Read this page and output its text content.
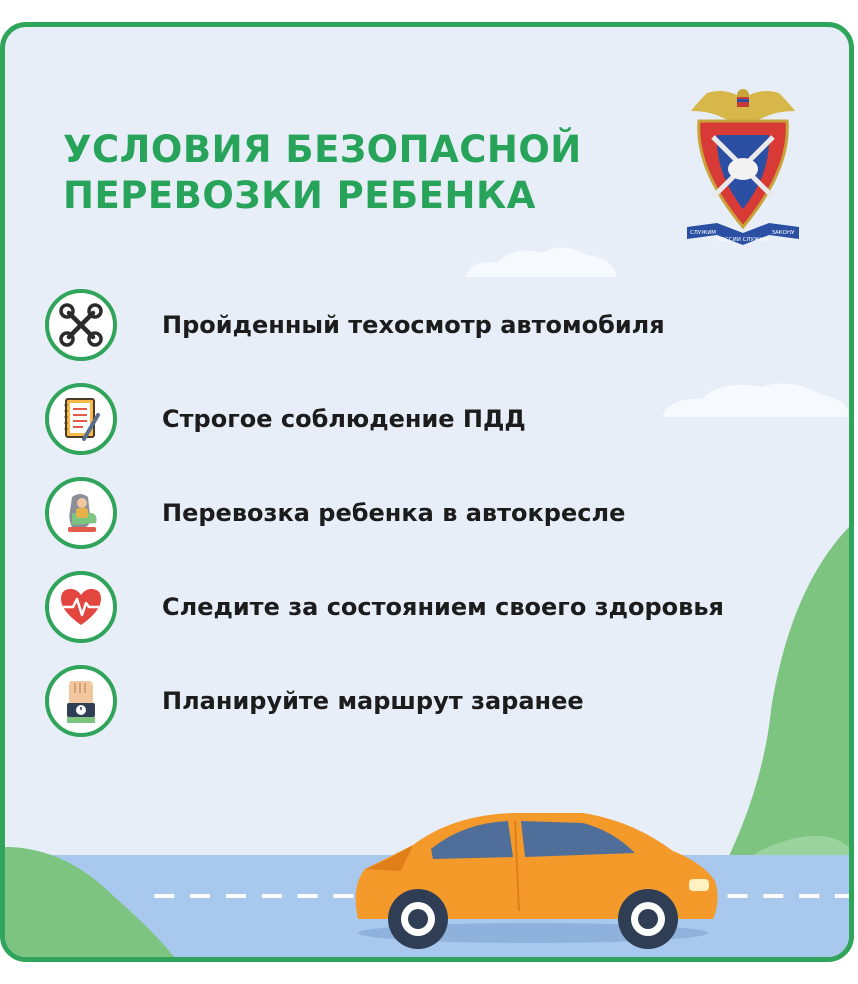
УСЛОВИЯ БЕЗОПАСНОЙ
ПЕРЕВОЗКИ РЕБЕНКА
СЛУЖИМ
РОССИИ СЛУЖИМ
ЗАКОНУ
Пройденный техосмотр автомобиля
Строгое соблюдение ПДД
Перевозка ребенка в автокресле
Следите за состоянием своего здоровья
Планируйте маршрут заранее
